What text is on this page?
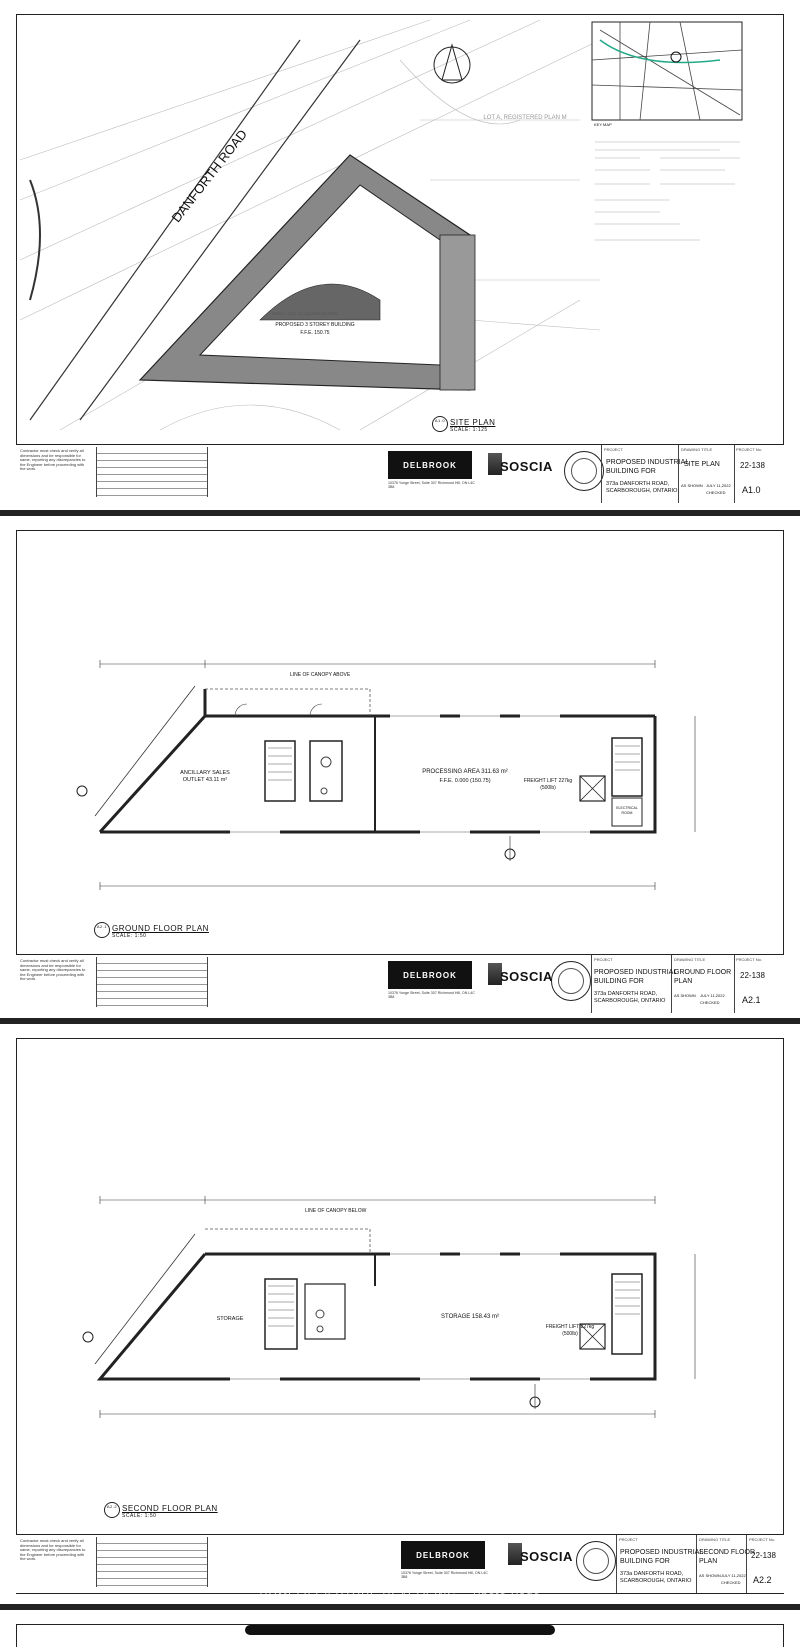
DANFORTH ROAD
PROPOSED 3 STOREY BUILDING
F.F.E. 150.75
AREA = 1307.15 SQUARE METRES
LOT A, REGISTERED PLAN M
KEY MAP
A1.0 SITE PLAN
SCALE: 1:125
Contractor must check and verify all dimensions and be responsible for same, reporting any discrepancies to the Engineer before proceeding with the work.	DELBROOK
10376 Yonge Street, Suite 307 Richmond Hill, ON L4C 3B8
SOSCIA
PROJECT
PROPOSED INDUSTRIAL
BUILDING FOR
373a DANFORTH ROAD,
SCARBOROUGH, ONTARIO
DRAWING TITLE
SITE PLAN
AS SHOWN JULY 11,2022
CHECKED
PROJECT No.
22-138
A1.0
LINE OF CANOPY ABOVE
ANCILLARY SALES OUTLET 43.11 m²
PROCESSING AREA 311.63 m²
F.F.E. 0.000 (150.75)	FREIGHT LIFT 227kg (500lb)
ELECTRICAL ROOM
A2.1 GROUND FLOOR PLAN
SCALE: 1:50
Contractor must check and verify all dimensions and be responsible for same, reporting any discrepancies to the Engineer before proceeding with the work.	DELBROOK
10376 Yonge Street, Suite 307 Richmond Hill, ON L4C 3B8
SOSCIA
PROJECT
PROPOSED INDUSTRIAL
BUILDING FOR
373a DANFORTH ROAD,
SCARBOROUGH, ONTARIO
DRAWING TITLE
GROUND FLOOR
PLAN
AS SHOWN JULY 11,2022
CHECKED
PROJECT No.
22-138
A2.1
LINE OF CANOPY BELOW
STORAGE	STORAGE 158.43 m²
FREIGHT LIFT 227kg (500lb)
A2.2 SECOND FLOOR PLAN
SCALE: 1:50
Contractor must check and verify all dimensions and be responsible for same, reporting any discrepancies to the Engineer before proceeding with the work.	DELBROOK
10376 Yonge Street, Suite 307 Richmond Hill, ON L4C 3B8
SOSCIA
PROJECT
PROPOSED INDUSTRIAL
BUILDING FOR
373a DANFORTH ROAD,
SCARBOROUGH, ONTARIO
DRAWING TITLE
SECOND FLOOR
PLAN
AS SHOWN JULY 11,2022
CHECKED
PROJECT No.
22-138
A2.2
HOMELIFE/FUTURE REALTY INC. - Photo Page
